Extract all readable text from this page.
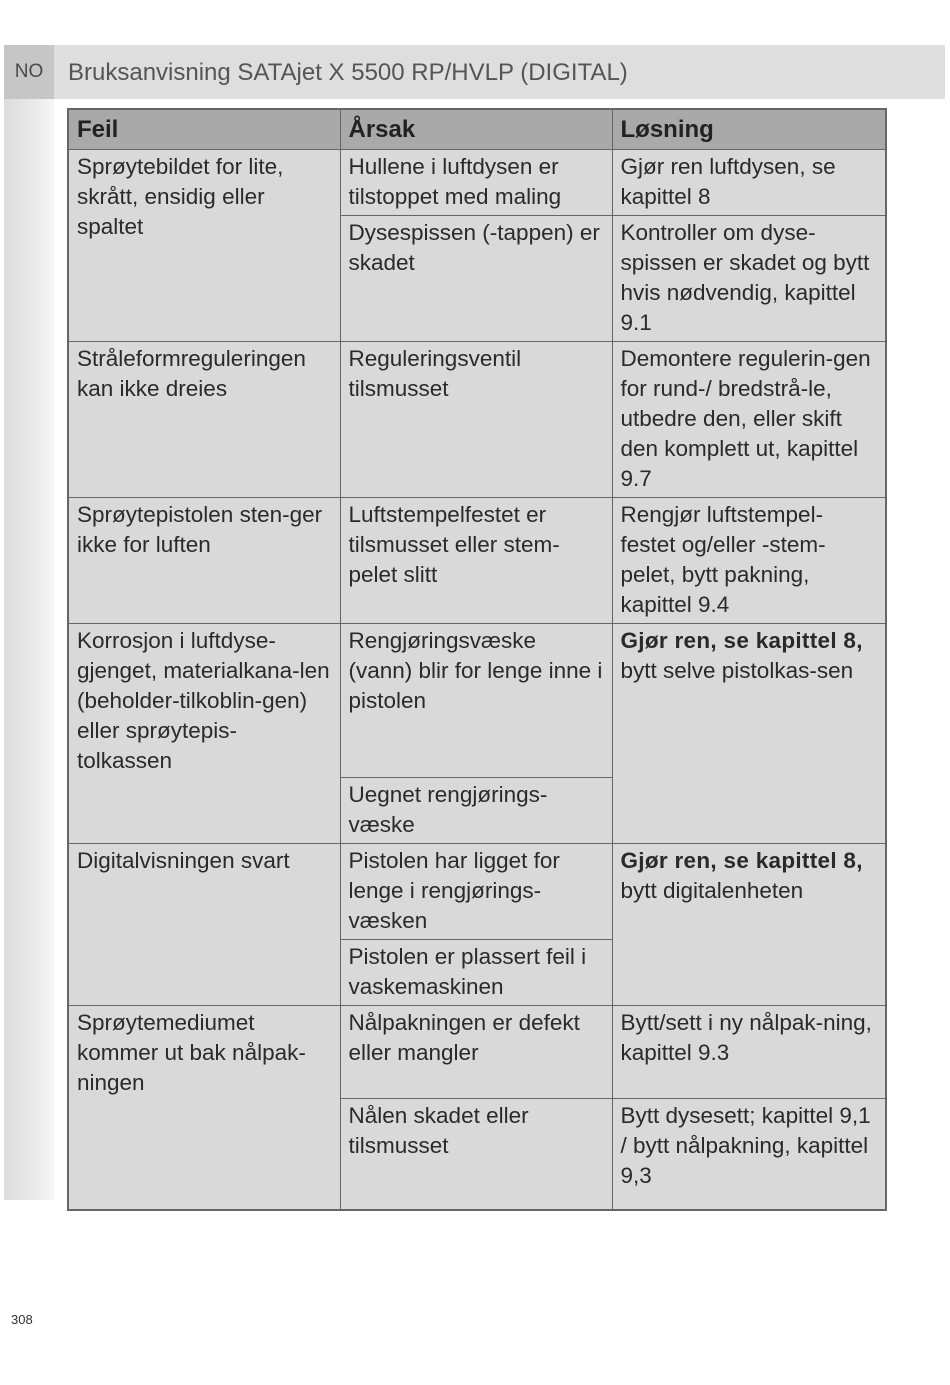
NO	Bruksanvisning SATAjet X 5500 RP/HVLP (DIGITAL)
Feil	Årsak	Løsning
Sprøytebildet for lite, skrått, ensidig eller spaltet	Hullene i luftdysen er tilstoppet med maling	Gjør ren luftdysen, se kapittel 8
	Dysespissen (-tappen) er skadet	Kontroller om dyse-spissen er skadet og bytt hvis nødvendig, kapittel 9.1
Stråleformreguleringen kan ikke dreies	Reguleringsventil tilsmusset	Demontere regulerin-gen for rund-/ bredstrå-le, utbedre den, eller skift den komplett ut, kapittel 9.7
Sprøytepistolen sten-ger ikke for luften	Luftstempelfestet er tilsmusset eller stem-pelet slitt	Rengjør luftstempel-festet og/eller -stem-pelet, bytt pakning, kapittel 9.4
Korrosjon i luftdyse-gjenget, materialkana-len (beholder-tilkoblin-gen) eller sprøytepis-tolkassen	Rengjøringsvæske (vann) blir for lenge inne i pistolen	Gjør ren, se kapittel 8, bytt selve pistolkas-sen
	Uegnet rengjørings-væske	
Digitalvisningen svart	Pistolen har ligget for lenge i rengjørings-væsken	Gjør ren, se kapittel 8, bytt digitalenheten
	Pistolen er plassert feil i vaskemaskinen	
Sprøytemediumet kommer ut bak nålpak-ningen	Nålpakningen er defekt eller mangler	Bytt/sett i ny nålpak-ning, kapittel 9.3
	Nålen skadet eller tilsmusset	Bytt dysesett; kapittel 9,1 / bytt nålpakning, kapittel 9,3
308
